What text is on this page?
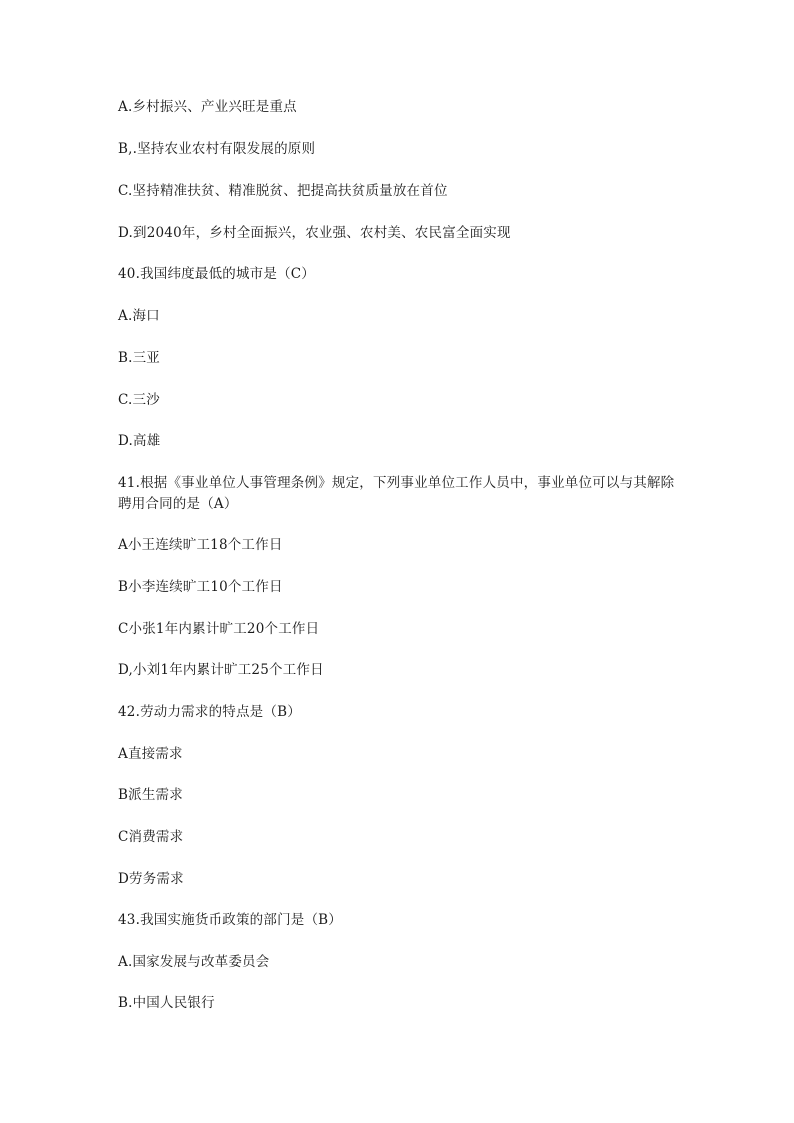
A.乡村振兴、产业兴旺是重点
B,.坚持农业农村有限发展的原则
C.坚持精准扶贫、精准脱贫、把提高扶贫质量放在首位
D.到2040年，乡村全面振兴，农业强、农村美、农民富全面实现
40.我国纬度最低的城市是（C）
A.海口
B.三亚
C.三沙
D.高雄
41.根据《事业单位人事管理条例》规定，下列事业单位工作人员中，事业单位可以与其解除聘用合同的是（A）
A小王连续旷工18个工作日
B小李连续旷工10个工作日
C小张1年内累计旷工20个工作日
D,小刘1年内累计旷工25个工作日
42.劳动力需求的特点是（B）
A直接需求
B派生需求
C消费需求
D劳务需求
43.我国实施货币政策的部门是（B）
A.国家发展与改革委员会
B.中国人民银行
